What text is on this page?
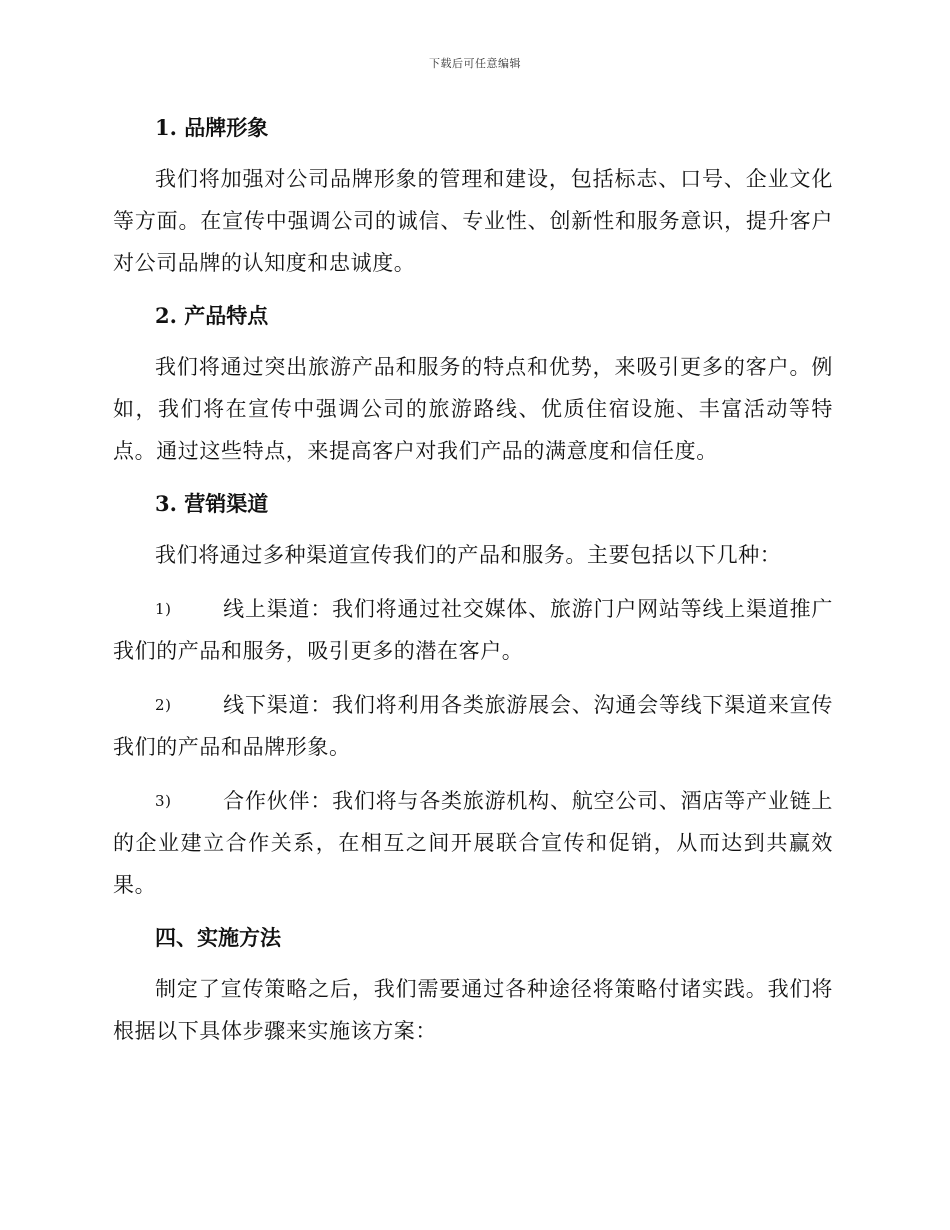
下载后可任意编辑

1. 品牌形象

我们将加强对公司品牌形象的管理和建设，包括标志、口号、企业文化等方面。在宣传中强调公司的诚信、专业性、创新性和服务意识，提升客户对公司品牌的认知度和忠诚度。

2. 产品特点

我们将通过突出旅游产品和服务的特点和优势，来吸引更多的客户。例如，我们将在宣传中强调公司的旅游路线、优质住宿设施、丰富活动等特点。通过这些特点，来提高客户对我们产品的满意度和信任度。

3. 营销渠道

我们将通过多种渠道宣传我们的产品和服务。主要包括以下几种：

1) 线上渠道：我们将通过社交媒体、旅游门户网站等线上渠道推广我们的产品和服务，吸引更多的潜在客户。

2) 线下渠道：我们将利用各类旅游展会、沟通会等线下渠道来宣传我们的产品和品牌形象。

3) 合作伙伴：我们将与各类旅游机构、航空公司、酒店等产业链上的企业建立合作关系，在相互之间开展联合宣传和促销，从而达到共赢效果。

四、实施方法

制定了宣传策略之后，我们需要通过各种途径将策略付诸实践。我们将根据以下具体步骤来实施该方案：
